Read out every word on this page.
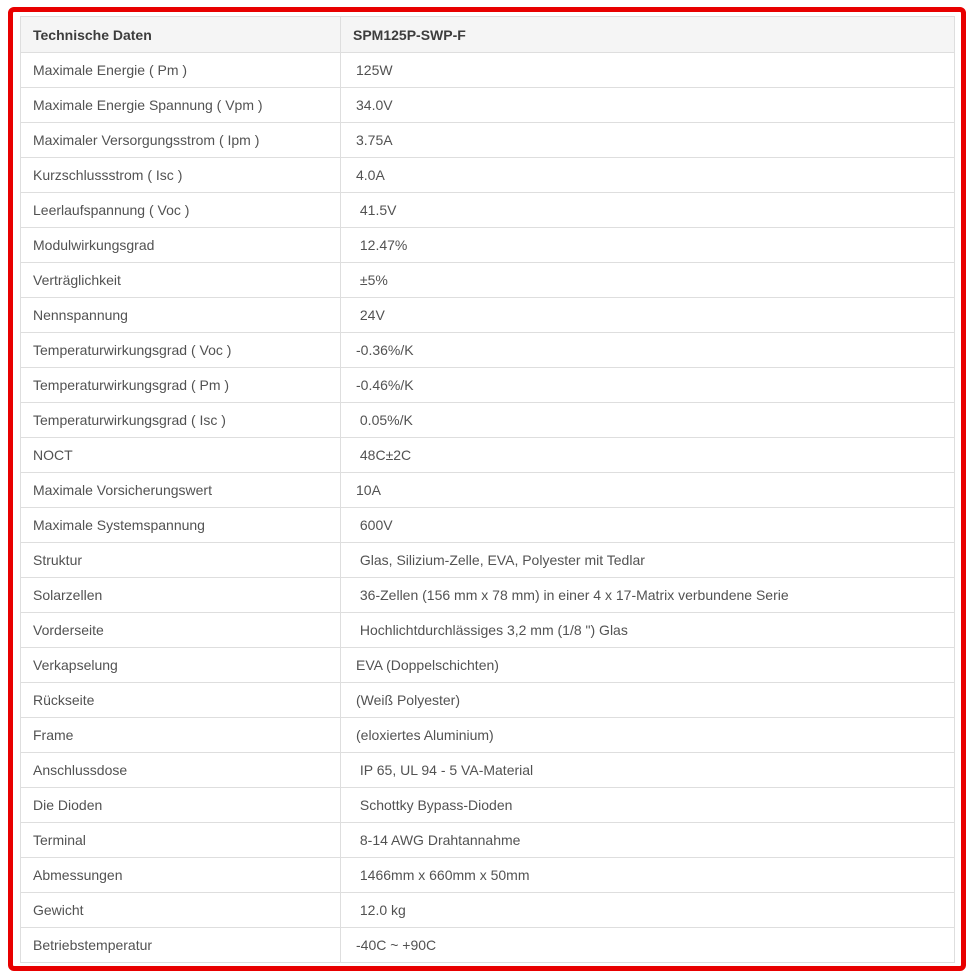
Technische Daten	SPM125P-SWP-F
Maximale Energie ( Pm )	125W
Maximale Energie Spannung ( Vpm )	34.0V
Maximaler Versorgungsstrom ( Ipm )	3.75A
Kurzschlussstrom ( Isc )	4.0A
Leerlaufspannung ( Voc )	41.5V
Modulwirkungsgrad	12.47%
Verträglichkeit	±5%
Nennspannung	24V
Temperaturwirkungsgrad ( Voc )	-0.36%/K
Temperaturwirkungsgrad ( Pm )	-0.46%/K
Temperaturwirkungsgrad ( Isc )	0.05%/K
NOCT	48C±2C
Maximale Vorsicherungswert	10A
Maximale Systemspannung	600V
Struktur	Glas, Silizium-Zelle, EVA, Polyester mit Tedlar
Solarzellen	36-Zellen (156 mm x 78 mm) in einer 4 x 17-Matrix verbundene Serie
Vorderseite	Hochlichtdurchlässiges 3,2 mm (1/8 ") Glas
Verkapselung	EVA (Doppelschichten)
Rückseite	(Weiß Polyester)
Frame	(eloxiertes Aluminium)
Anschlussdose	IP 65, UL 94 - 5 VA-Material
Die Dioden	Schottky Bypass-Dioden
Terminal	8-14 AWG Drahtannahme
Abmessungen	1466mm x 660mm x 50mm
Gewicht	12.0 kg
Betriebstemperatur	-40C ~ +90C
